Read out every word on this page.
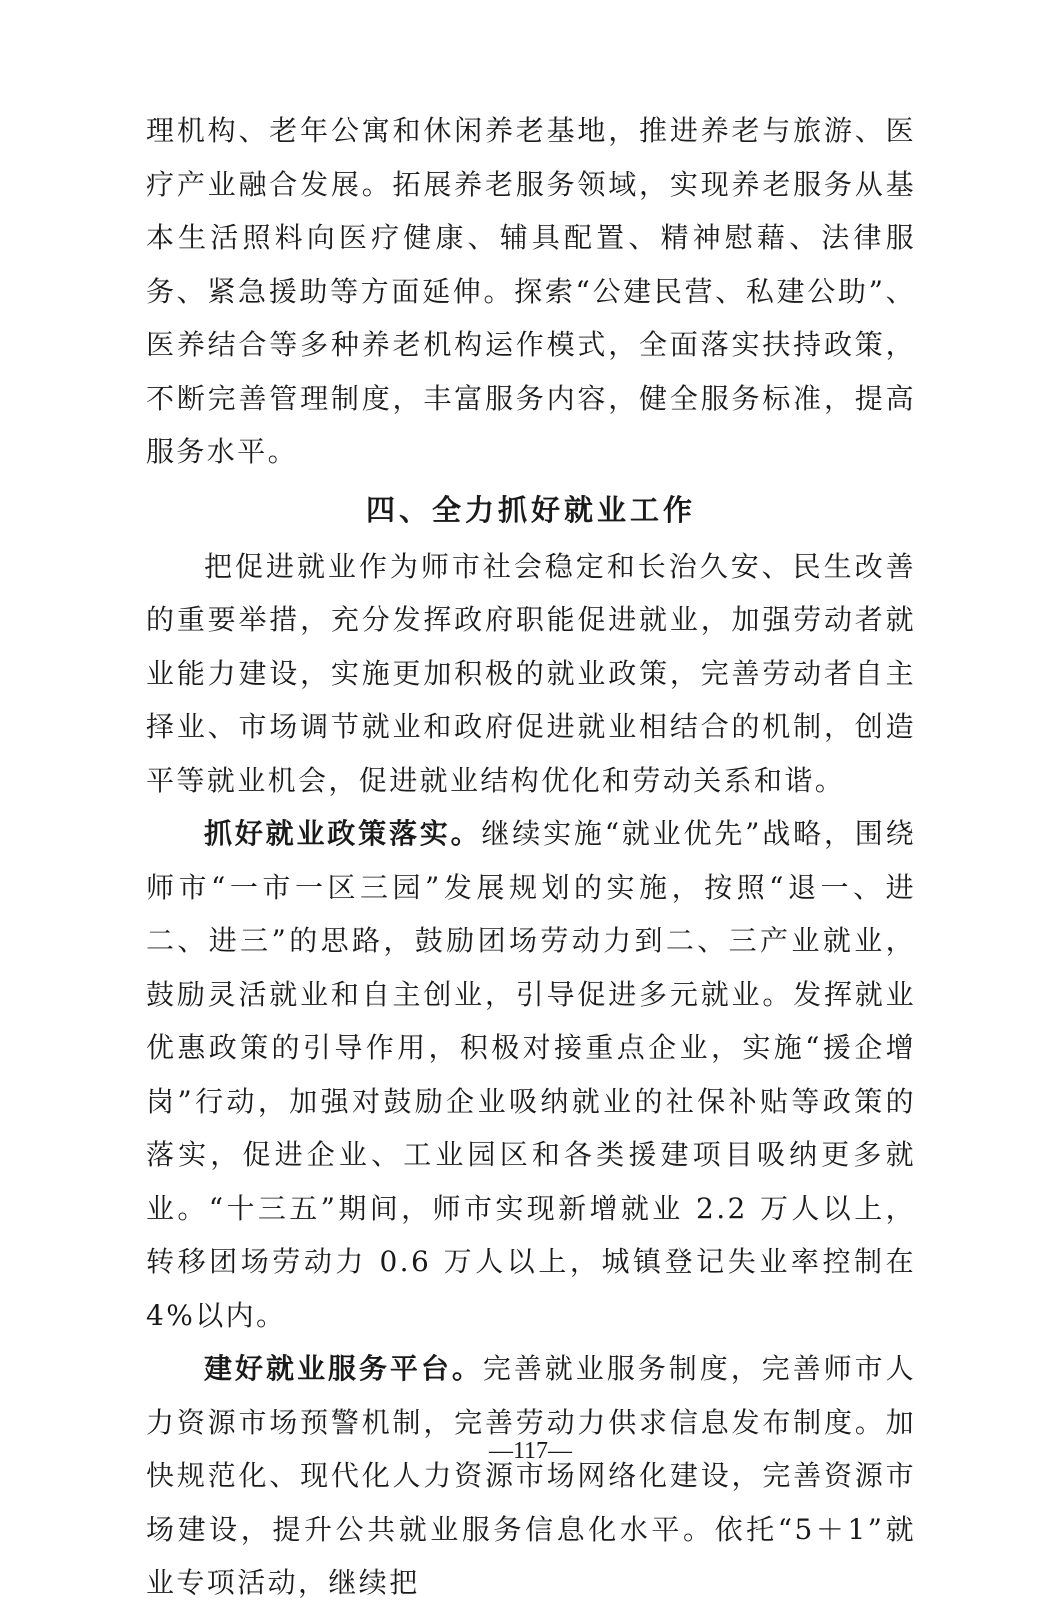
理机构、老年公寓和休闲养老基地，推进养老与旅游、医疗产业融合发展。拓展养老服务领域，实现养老服务从基本生活照料向医疗健康、辅具配置、精神慰藉、法律服务、紧急援助等方面延伸。探索“公建民营、私建公助”、医养结合等多种养老机构运作模式，全面落实扶持政策，不断完善管理制度，丰富服务内容，健全服务标准，提高服务水平。

四、全力抓好就业工作

把促进就业作为师市社会稳定和长治久安、民生改善的重要举措，充分发挥政府职能促进就业，加强劳动者就业能力建设，实施更加积极的就业政策，完善劳动者自主择业、市场调节就业和政府促进就业相结合的机制，创造平等就业机会，促进就业结构优化和劳动关系和谐。

抓好就业政策落实。继续实施“就业优先”战略，围绕师市“一市一区三园”发展规划的实施，按照“退一、进二、进三”的思路，鼓励团场劳动力到二、三产业就业，鼓励灵活就业和自主创业，引导促进多元就业。发挥就业优惠政策的引导作用，积极对接重点企业，实施“援企增岗”行动，加强对鼓励企业吸纳就业的社保补贴等政策的落实，促进企业、工业园区和各类援建项目吸纳更多就业。“十三五”期间，师市实现新增就业 2.2 万人以上，转移团场劳动力 0.6 万人以上，城镇登记失业率控制在 4%以内。

建好就业服务平台。完善就业服务制度，完善师市人力资源市场预警机制，完善劳动力供求信息发布制度。加快规范化、现代化人力资源市场网络化建设，完善资源市场建设，提升公共就业服务信息化水平。依托“5＋1”就业专项活动，继续把

—117—
